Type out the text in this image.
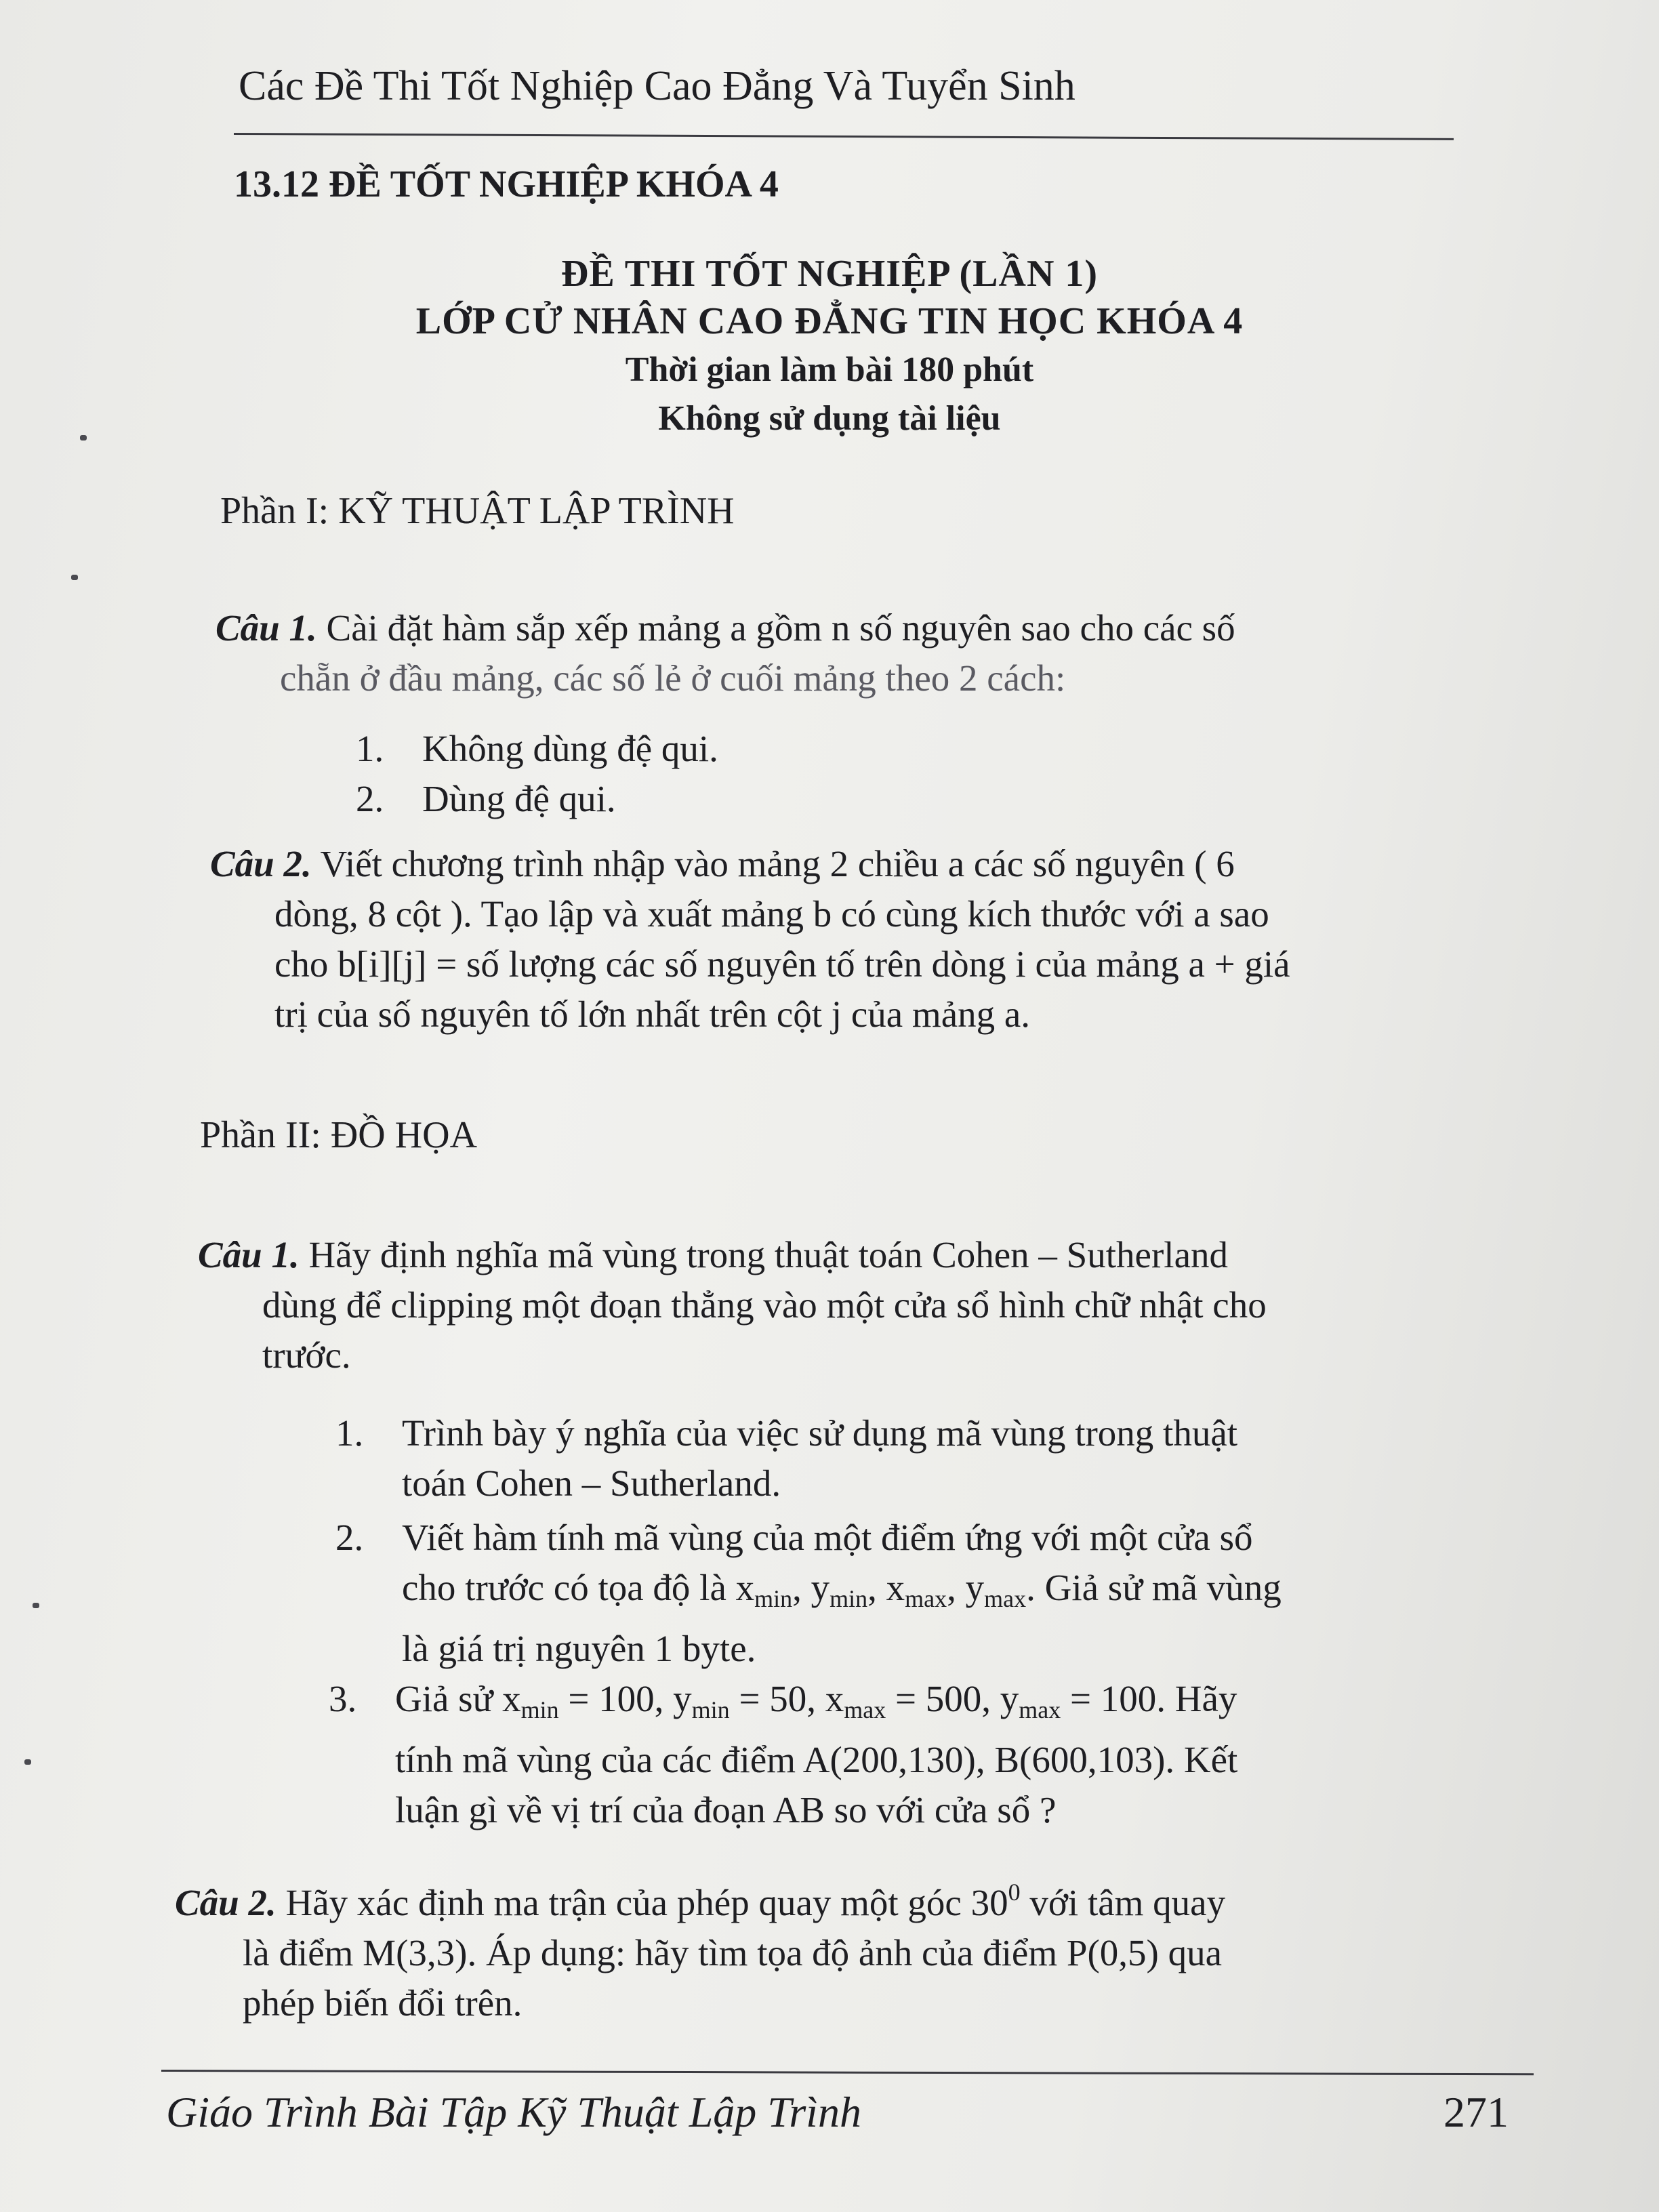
Các Đề Thi Tốt Nghiệp Cao Đẳng Và Tuyển Sinh
13.12 ĐỀ TỐT NGHIỆP KHÓA 4
ĐỀ THI TỐT NGHIỆP (LẦN 1)
LỚP CỬ NHÂN CAO ĐẲNG TIN HỌC KHÓA 4
Thời gian làm bài 180 phút
Không sử dụng tài liệu
Phần I: KỸ THUẬT LẬP TRÌNH
Câu 1. Cài đặt hàm sắp xếp mảng a gồm n số nguyên sao cho các số
chẵn ở đầu mảng, các số lẻ ở cuối mảng theo 2 cách:
1. Không dùng đệ qui.
2. Dùng đệ qui.
Câu 2. Viết chương trình nhập vào mảng 2 chiều a các số nguyên ( 6
dòng, 8 cột ). Tạo lập và xuất mảng b có cùng kích thước với a sao
cho b[i][j] = số lượng các số nguyên tố trên dòng i của mảng a + giá
trị của số nguyên tố lớn nhất trên cột j của mảng a.
Phần II: ĐỒ HỌA
Câu 1. Hãy định nghĩa mã vùng trong thuật toán Cohen – Sutherland
dùng để clipping một đoạn thẳng vào một cửa sổ hình chữ nhật cho
trước.
1. Trình bày ý nghĩa của việc sử dụng mã vùng trong thuật
toán Cohen – Sutherland.
2. Viết hàm tính mã vùng của một điểm ứng với một cửa sổ
cho trước có tọa độ là $x_{min}$, $y_{min}$, $x_{max}$, $y_{max}$. Giả sử mã vùng
là giá trị nguyên 1 byte.
3. Giả sử $x_{min} = 100$, $y_{min} = 50$, $x_{max} = 500$, $y_{max} = 100$. Hãy
tính mã vùng của các điểm A(200,130), B(600,103). Kết
luận gì về vị trí của đoạn AB so với cửa sổ ?
Câu 2. Hãy xác định ma trận của phép quay một góc $30^0$ với tâm quay
là điểm M(3,3). Áp dụng: hãy tìm tọa độ ảnh của điểm P(0,5) qua
phép biến đổi trên.
Giáo Trình Bài Tập Kỹ Thuật Lập Trình	271
